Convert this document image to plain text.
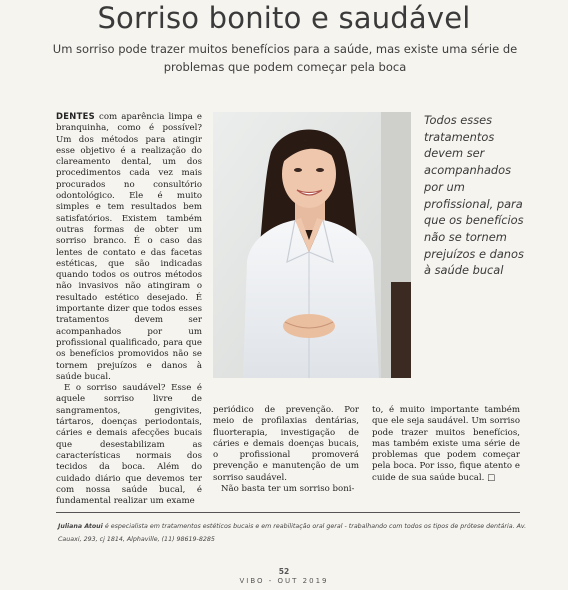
Sorriso bonito e saudável
Um sorriso pode trazer muitos benefícios para a saúde, mas existe uma série de problemas que podem começar pela boca

DENTES com aparência limpa e branquinha, como é possível? Um dos métodos para atingir esse objetivo é a realização do clareamento dental, um dos procedimentos cada vez mais procurados no consultório odontológico. Ele é muito simples e tem resultados bem satisfatórios. Existem também outras formas de obter um sorriso branco. É o caso das lentes de contato e das facetas estéticas, que são indicadas quando todos os outros métodos não invasivos não atingiram o resultado estético desejado. É importante dizer que todos esses tratamentos devem ser acompanhados por um profissional qualificado, para que os benefícios promovidos não se tornem prejuízos e danos à saúde bucal.

E o sorriso saudável? Esse é aquele sorriso livre de sangramentos, gengivites, tártaros, doenças periodontais, cáries e demais afecções bucais que desestabilizam as características normais dos tecidos da boca. Além do cuidado diário que devemos ter com nossa saúde bucal, é fundamental realizar um exame

Todos esses tratamentos devem ser acompanhados por um profissional, para que os benefícios não se tornem prejuízos e danos à saúde bucal

periódico de prevenção. Por meio de profilaxias dentárias, fluorterapia, investigação de cáries e demais doenças bucais, o profissional promoverá prevenção e manutenção de um sorriso saudável.

Não basta ter um sorriso boni-

to, é muito importante também que ele seja saudável. Um sorriso pode trazer muitos benefícios, mas também existe uma série de problemas que podem começar pela boca. Por isso, fique atento e cuide de sua saúde bucal. □

Juliana Atoui é especialista em tratamentos estéticos bucais e em reabilitação oral geral - trabalhando com todos os tipos de prótese dentária. Av. Cauaxi, 293, cj 1814, Alphaville, (11) 98619-8285
52
VIBO - OUT 2019
